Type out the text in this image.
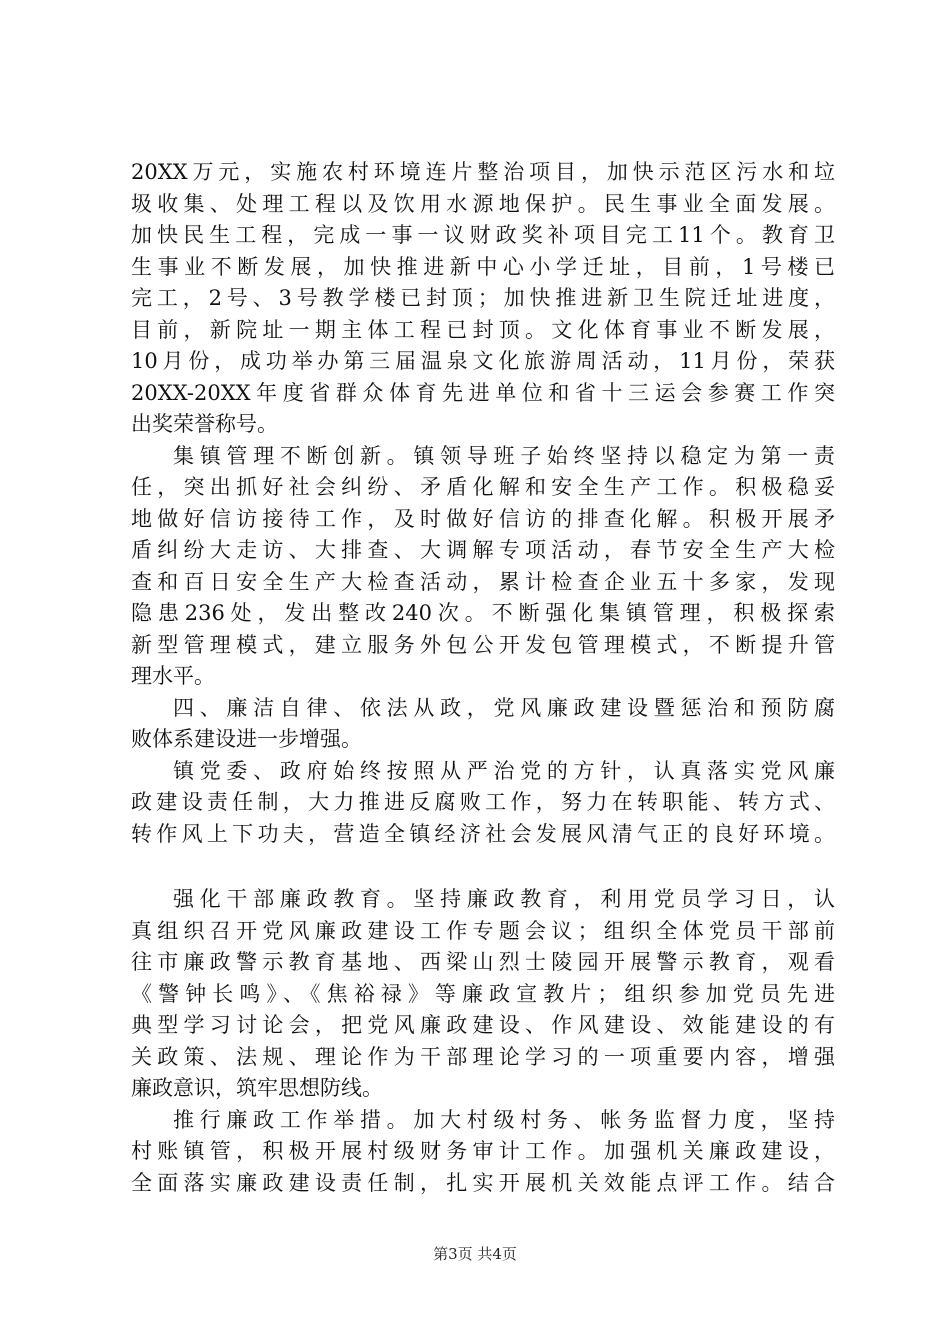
20XX万元，实施农村环境连片整治项目，加快示范区污水和垃
圾收集、处理工程以及饮用水源地保护。民生事业全面发展。
加快民生工程，完成一事一议财政奖补项目完工11个。教育卫
生事业不断发展，加快推进新中心小学迁址，目前，1号楼已
完工，2号、3号教学楼已封顶；加快推进新卫生院迁址进度，
目前，新院址一期主体工程已封顶。文化体育事业不断发展，
10月份，成功举办第三届温泉文化旅游周活动，11月份，荣获
20XX-20XX年度省群众体育先进单位和省十三运会参赛工作突
出奖荣誉称号。
集镇管理不断创新。镇领导班子始终坚持以稳定为第一责
任，突出抓好社会纠纷、矛盾化解和安全生产工作。积极稳妥
地做好信访接待工作，及时做好信访的排查化解。积极开展矛
盾纠纷大走访、大排查、大调解专项活动，春节安全生产大检
查和百日安全生产大检查活动，累计检查企业五十多家，发现
隐患236处，发出整改240次。不断强化集镇管理，积极探索
新型管理模式，建立服务外包公开发包管理模式，不断提升管
理水平。
四、廉洁自律、依法从政，党风廉政建设暨惩治和预防腐
败体系建设进一步增强。
镇党委、政府始终按照从严治党的方针，认真落实党风廉
政建设责任制，大力推进反腐败工作，努力在转职能、转方式、
转作风上下功夫，营造全镇经济社会发展风清气正的良好环境。
强化干部廉政教育。坚持廉政教育，利用党员学习日，认
真组织召开党风廉政建设工作专题会议；组织全体党员干部前
往市廉政警示教育基地、西梁山烈士陵园开展警示教育，观看
《警钟长鸣》、《焦裕禄》等廉政宣教片；组织参加党员先进
典型学习讨论会，把党风廉政建设、作风建设、效能建设的有
关政策、法规、理论作为干部理论学习的一项重要内容，增强
廉政意识，筑牢思想防线。
推行廉政工作举措。加大村级村务、帐务监督力度，坚持
村账镇管，积极开展村级财务审计工作。加强机关廉政建设，
全面落实廉政建设责任制，扎实开展机关效能点评工作。结合
第3页 共4页
